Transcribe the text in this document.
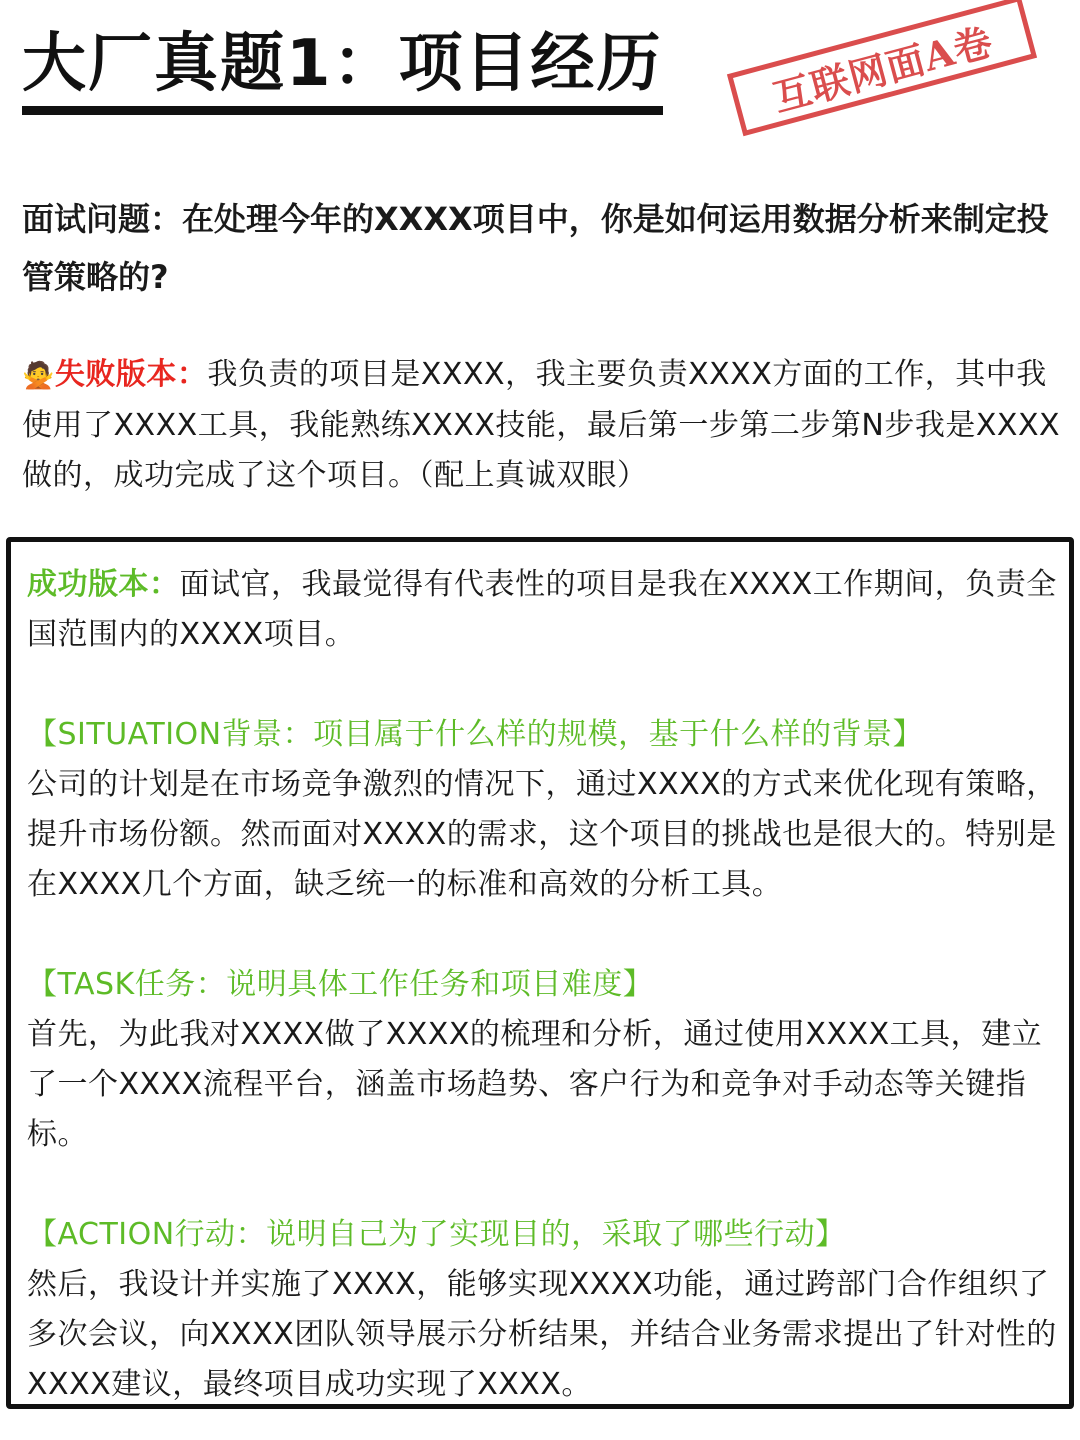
大厂真题1：项目经历	互联网面A卷

面试问题：在处理今年的XXXX项目中，你是如何运用数据分析来制定投管策略的?

🙅失败版本：我负责的项目是XXXX，我主要负责XXXX方面的工作，其中我使用了XXXX工具，我能熟练XXXX技能，最后第一步第二步第N步我是XXXX做的，成功完成了这个项目。（配上真诚双眼）

成功版本：面试官，我最觉得有代表性的项目是我在XXXX工作期间，负责全国范围内的XXXX项目。

【SITUATION背景：项目属于什么样的规模，基于什么样的背景】

公司的计划是在市场竞争激烈的情况下，通过XXXX的方式来优化现有策略，提升市场份额。然而面对XXXX的需求，这个项目的挑战也是很大的。特别是在XXXX几个方面，缺乏统一的标准和高效的分析工具。

【TASK任务：说明具体工作任务和项目难度】

首先，为此我对XXXX做了XXXX的梳理和分析，通过使用XXXX工具，建立了一个XXXX流程平台，涵盖市场趋势、客户行为和竞争对手动态等关键指标。

【ACTION行动：说明自己为了实现目的，采取了哪些行动】

然后，我设计并实施了XXXX，能够实现XXXX功能，通过跨部门合作组织了多次会议，向XXXX团队领导展示分析结果，并结合业务需求提出了针对性的XXXX建议，最终项目成功实现了XXXX。
